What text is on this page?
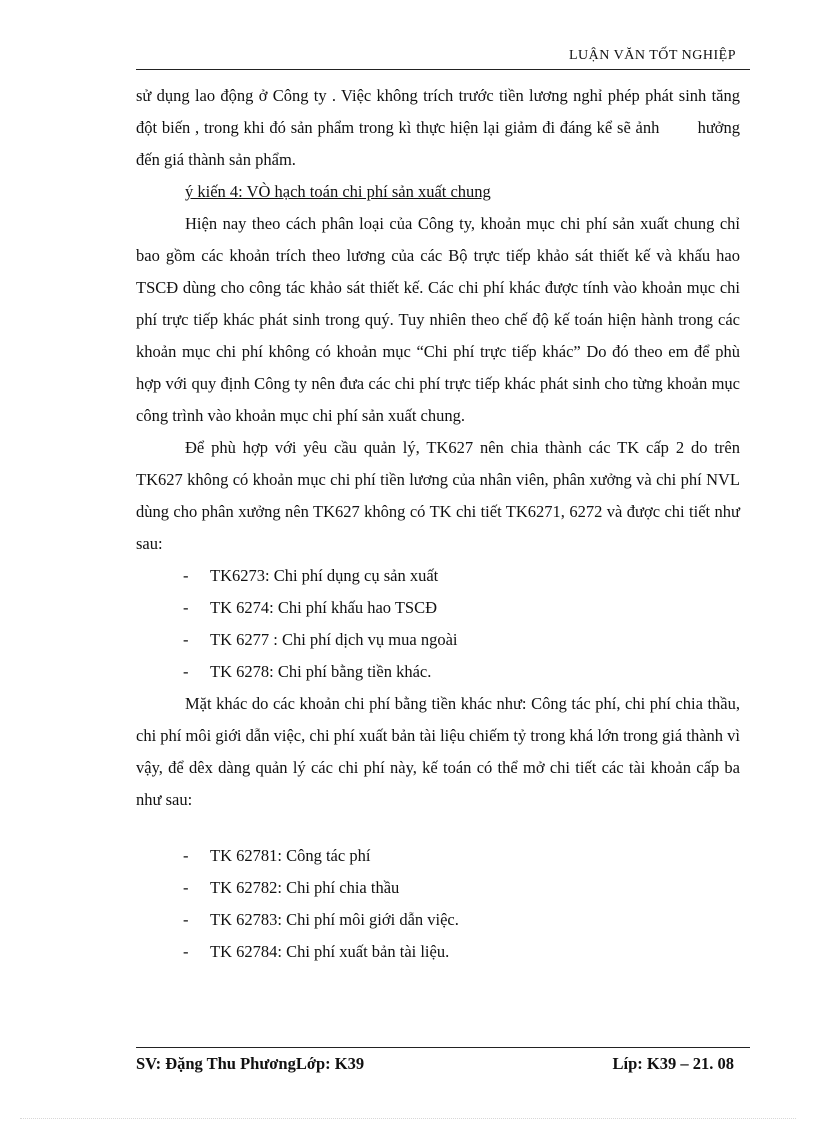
LUẬN VĂN TỐT NGHIỆP

sử dụng lao động ở Công ty . Việc không trích trước tiền lương nghỉ phép phát sinh tăng đột biến , trong khi đó sản phẩm trong kì thực hiện lại giảm đi đáng kể sẽ ảnh        hưởng đến giá thành sản phẩm.

ý kiến 4: VÒ hạch toán chi phí sản xuất chung

Hiện nay theo cách phân loại của Công ty, khoản mục chi phí sản xuất chung chỉ bao gồm các khoản trích theo lương của các Bộ trực tiếp khảo sát thiết kế và khấu hao TSCĐ dùng cho công tác khảo sát thiết kế. Các chi phí khác được tính vào khoản mục chi phí trực tiếp khác phát sinh trong quý. Tuy nhiên theo chế độ kế toán hiện hành trong các khoản mục chi phí không có khoản mục “Chi phí trực tiếp khác” Do đó theo em để phù hợp với quy định Công ty nên đưa các chi phí trực tiếp khác phát sinh cho từng khoản mục công trình vào khoản mục chi phí sản xuất chung.

Để phù hợp với yêu cầu quản lý, TK627 nên chia thành các TK cấp 2 do trên TK627 không có khoản mục chi phí tiền lương của nhân viên, phân xưởng và chi phí NVL dùng cho phân xưởng nên TK627 không có TK chi tiết TK6271, 6272 và được chi tiết như sau:

- TK6273: Chi phí dụng cụ sản xuất
- TK 6274: Chi phí khấu hao TSCĐ
- TK 6277 : Chi phí dịch vụ mua ngoài
- TK 6278: Chi phí bằng tiền khác.

Mặt khác do các khoản chi phí bằng tiền khác như: Công tác phí, chi phí chia thầu, chi phí môi giới dẫn việc, chi phí xuất bản tài liệu chiếm tỷ trong khá lớn trong giá thành vì vậy, để dêx dàng quản lý các chi phí này, kế toán có thể mở chi tiết các tài khoản cấp ba như sau:

- TK 62781: Công tác phí
- TK 62782: Chi phí chia thầu
- TK 62783: Chi phí môi giới dẫn việc.
- TK 62784: Chi phí xuất bản tài liệu.
SV: Đặng Thu PhươngLớp: K39	Líp: K39 – 21. 08
